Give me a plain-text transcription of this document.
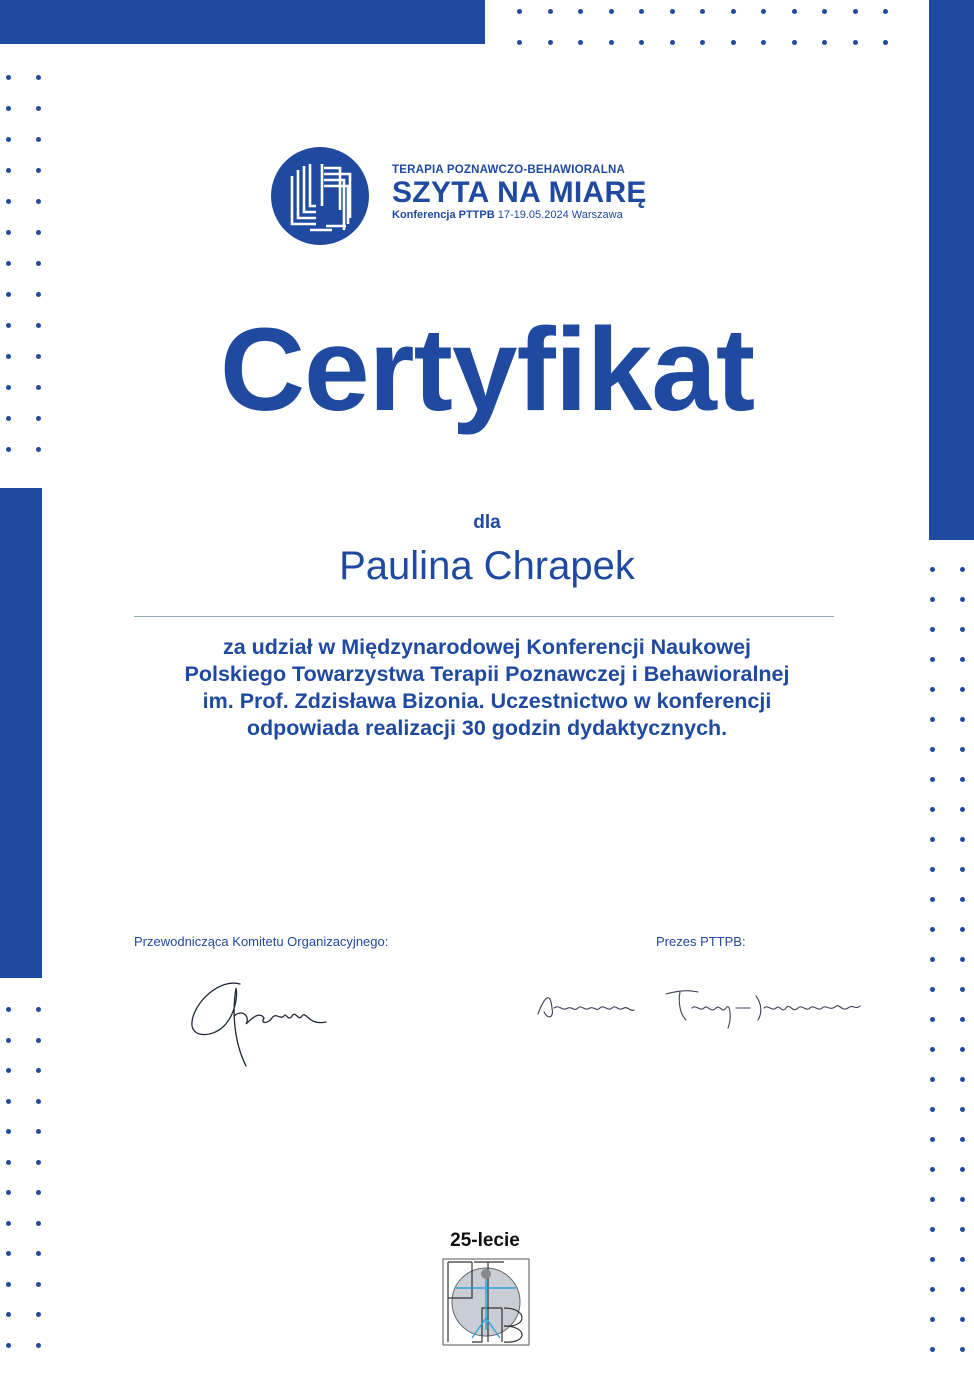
TERAPIA POZNAWCZO-BEHAWIORALNA
SZYTA NA MIARĘ
Konferencja PTTPB 17-19.05.2024 Warszawa
Certyfikat
dla
Paulina Chrapek
za udział w Międzynarodowej Konferencji Naukowej
Polskiego Towarzystwa Terapii Poznawczej i Behawioralnej
im. Prof. Zdzisława Bizonia. Uczestnictwo w konferencji
odpowiada realizacji 30 godzin dydaktycznych.
Przewodnicząca Komitetu Organizacyjnego:	Prezes PTTPB:
25-lecie
